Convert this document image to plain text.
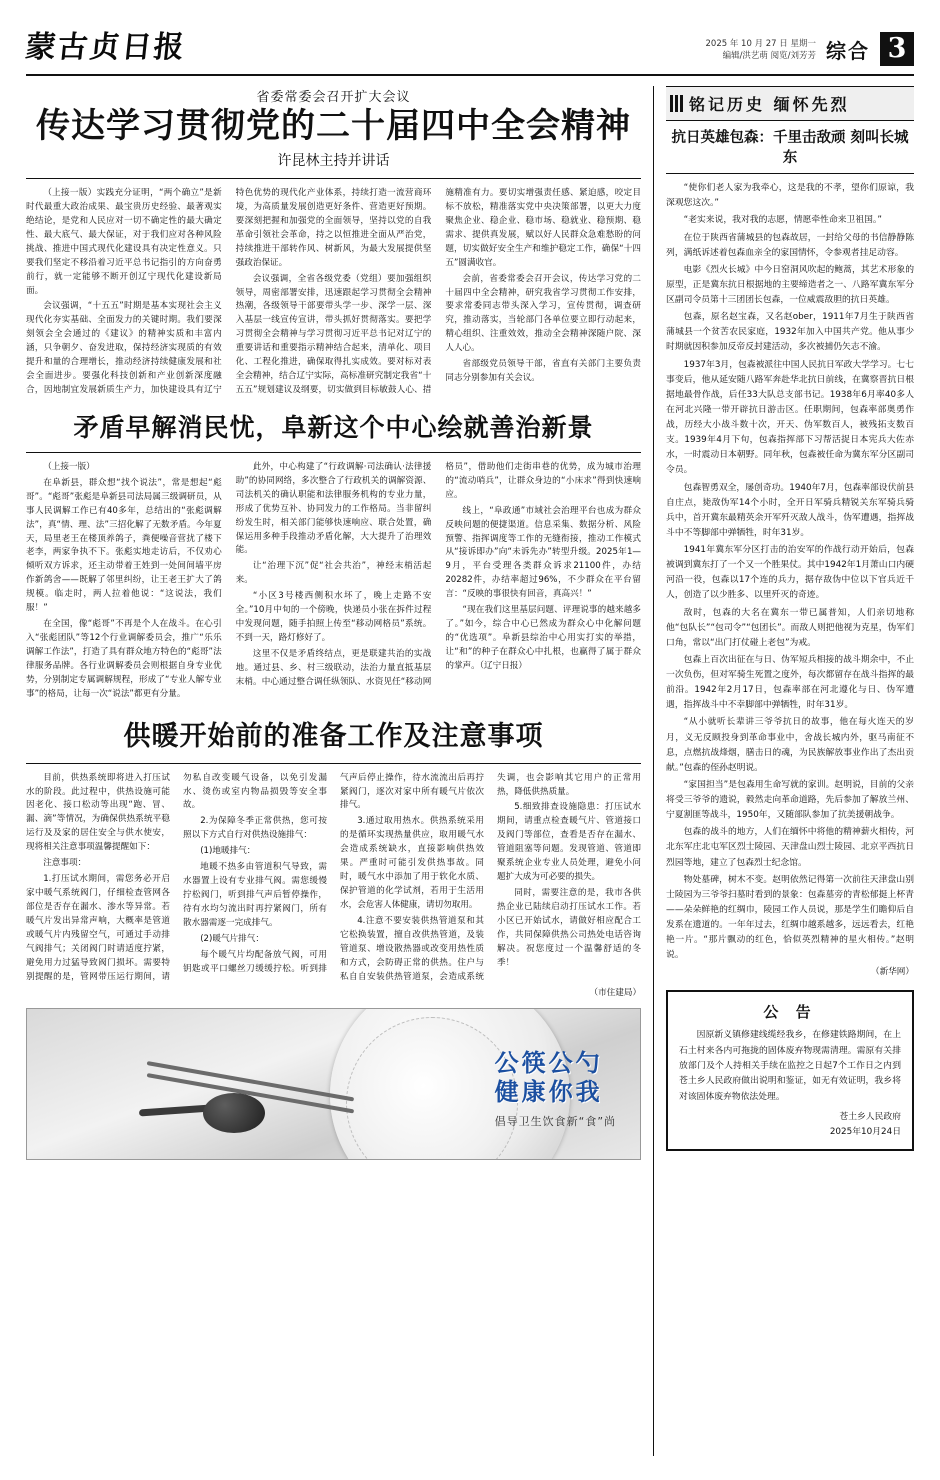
蒙古贞日报	2025 年 10 月 27 日 星期一
编辑/洪艺萌 阅览/刘芳芳 综合 3
省委常委会召开扩大会议
传达学习贯彻党的二十届四中全会精神
许昆林主持并讲话

（上接一版）实践充分证明，“两个确立”是新时代最重大政治成果、最宝贵历史经验、最著观实绝结论，是党和人民应对一切不确定性的最大确定性、最大底气、最大保证，对于我们应对各种风险挑战、推进中国式现代化建设具有决定性意义。只要我们坚定不移沿着习近平总书记指引的方向奋勇前行，就一定能够不断开创辽宁现代化建设新局面。

会议强调，“十五五”时期是基本实现社会主义现代化夯实基础、全面发力的关键时期。我们要深刻领会全会通过的《建议》的精神实质和丰富内涵，只争朝夕、奋发进取，保持经济实现质的有效提升和量的合理增长，推动经济持续健康发展和社会全面进步。要强化科技创新和产业创新深度融合，因地制宜发展新质生产力，加快建设具有辽宁特色优势的现代化产业体系，持续打造一流营商环境，为高质量发展创造更好条件、营造更好预期。要深刻把握和加强党的全面领导，坚持以党的自我革命引领社会革命，持之以恒推进全面从严治党，持续推进干部转作风、树新风，为最大发展提供坚强政治保证。

会议强调，全省各级党委（党组）要加强组织领导，周密部署安排，迅速跟起学习贯彻全会精神热潮，各级领导干部要带头学一步、深学一层、深入基层一线宣传宣讲，带头抓好贯彻落实。要把学习贯彻全会精神与学习贯彻习近平总书记对辽宁的重要讲话和重要指示精神结合起来，清单化、项目化、工程化推进，确保取得扎实成效。要对标对表全会精神，结合辽宁实际，高标准研究制定我省“十五五”规划建议及纲要，切实做到目标敏鼓人心、措施精准有力。要切实增强责任感、紧迫感，咬定目标不放松，精准落实党中央决策部署，以更大力度聚焦企业、稳企业、稳市场、稳就业、稳预期、稳需求、提供真发展，赋以好人民群众急难愁盼的问题，切实做好安全生产和维护稳定工作，确保“十四五”圆满收官。

会前，省委常委会召开会议，传达学习党的二十届四中全会精神，研究我省学习贯彻工作安排，要求常委同志带头深入学习，宣传贯彻，调查研究，推动落实，当轮部门各单位要立即行动起来，精心组织、注重效效，推动全会精神深随户院、深人人心。

省部级党员领导干部，省直有关部门主要负责同志分别参加有关会议。

矛盾早解消民忧，阜新这个中心绘就善治新景

（上接一版）

在阜新县，群众想“找个说法”，常是想起“彪哥”。“彪哥”张彪是阜新县司法局属三级调研员，从事人民调解工作已有40多年，总结出的“张彪调解法”，真“情、理、法”三招化解了无数矛盾。今年夏天，局里老王在楼顶养鸽子，粪便噪音营扰了楼下老李，两家争执不下。张彪实地走访后，不仅劝心倾听双方诉求，还主动带着王姓到一处间间墙平房作新鸽舍——既解了邻里纠纷，让王老王扩大了鸽规模。临走时，两人拉着他说：“这说法，我们服！”

在全国，像“彪哥”不再是个人在战斗。在心引入“张彪团队”等12个行业调解委员会，推广“乐乐调解工作法”，打造了具有群众地方特色的“彪哥”法律服务品牌。各行业调解委员会则根据自身专业优势，分别制定专属调解规程，形成了“专业人解专业事”的格局，让每一次“说法”都更有分量。

此外，中心构建了“行政调解·司法确认·法律援助”的协同网络，多次整合了行政机关的调解资源、司法机关的确认职能和法律服务机构的专业力量，形成了优势互补、协同发力的工作格局。当非留纠纷发生时，相关部门能够快速响应、联合处置，确保运用多种手段推动矛盾化解，大大提升了治理效能。

让“治理下沉”促“社会共治”，神经末梢活起来。

“小区3号楼西侧积水坏了，晚上走路不安全。”10月中旬的一个傍晚，快递员小张在拆件过程中发现问题，随手拍照上传至“移动网格员”系统。不到一天，路灯修好了。

这里不仅是矛盾终结点，更是联建共治的实战地。通过县、乡、村三级联动，法治力量直抵基层末梢。中心通过整合调任纵领队、水资见任“移动网格员”，借助他们走街串巷的优势，成为城市治理的“流动哨兵”，让群众身边的“小床求”得到快速响应。

线上，“阜政通”市域社会治理平台也成为群众反映问题的便捷渠道。信息采集、数据分析、风险预警、指挥调度等工作的无缝衔接，推动工作模式从“接诉即办”向“未诉先办”转型升级。2025年1—9月，平台受理各类群众诉求21100件，办结20282件，办结率超过96%，不少群众在平台留言：“反映的事很快有回音，真高兴！”

“现在我们这里基层问题、评理说事的越来越多了。”如今，综合中心已然成为群众心中化解问题的“优选项”。阜新县综治中心用实打实的举措，让“和”的种子在群众心中扎根，也赢得了属于群众的掌声。（辽宁日报）

供暖开始前的准备工作及注意事项

目前，供热系统即将进入打压试水的阶段。此过程中，供热设施可能因老化、接口松动等出现“跑、冒、漏、滴”等情况，为确保供热系统平稳运行及及家的居住安全与供水使安，现将相关注意事项温馨提醒如下：

注意事项：

1.打压试水期间，需您务必开启家中暖气系统阀门，仔细检查管网各部位是否存在漏水、渗水等异常。若暖气片发出异常声响，大概率是管道或暖气片内残留空气，可通过手动排气阀排气；关闭阀门时请适度拧紧，避免用力过猛导致阀门损坏。需要特别提醒的是，管网带压运行期间，请勿私自改变暖气设备，以免引发漏水、烫伤或室内物品损毁等安全事故。

2.为保障冬季正常供热，您可按照以下方式自行对供热设施排气：

(1)地暖排气：

地暖不热多由管道积气导致，需水器置上设有专业排气阀。需您缓慢拧松阀门，听到排气声后暂停操作，待有水均匀流出时再拧紧阀门，所有散水器需逐一完成排气。

(2)暖气片排气：

每个暖气片均配备放气阀，可用钥匙或平口螺丝刀缓缓拧松。听到排气声后停止操作，待水流流出后再拧紧阀门，逐次对家中所有暖气片依次排气。

3.通过取用热水。供热系统采用的是循环实现热量供应，取用暖气水会造成系统缺水，直接影响供热效果。严重时可能引发供热事故。同时，暖气水中添加了用于软化水质、保护管道的化学试剂，若用于生活用水，会危害人体健康，请切勿取用。

4.注意不要安装供热管道泵和其它松换装置，擅自改供热管道，及装管道泵、增设散热器或改变用热性质和方式，会防碍正常的供热。住户与私自自安装供热管道泵，会造成系统失调，也会影响其它用户的正常用热，降低供热质量。

5.细致排查设施隐患：打压试水期间，请重点检查暖气片、管道接口及阀门等部位，查看是否存在漏水、管道阻塞等问题。发现管道、管道即聚系统企业专业人员处理，避免小问题扩大成为可必要的损失。

同时，需要注意的是，我市各供热企业已陆续启动打压试水工作。若小区已开始试水，请做好相应配合工作，共同保障供热公司热处电话咨询解决。祝您度过一个温馨舒适的冬季！

（市住建局）
公筷公勺
健康你我
倡导卫生饮食新“食”尚
铭记历史 缅怀先烈
抗日英雄包森：千里击敌顽 刻叫长城东

“使你们老人家为我牵心，这是我的不孝，望你们原谅，我深观您这次。”

“老实来说，我对我的志愿，情愿牵性命来卫祖国。”

在位于陕西省蒲城县的包森故居，一封给父母的书信静静陈列，满纸诉述着包森血亲全的家国情怀，令参观者挂足动容。

电影《烈火长城》中今日窑洞风吹起的鲍蒿，其艺术形象的原型，正是冀东抗日根据地的主要缔造者之一、八路军冀东军分区副司令员第十三团团长包森，一位威震敌胆的抗日英雄。

包森，原名赵宝森，又名赵ober，1911年7月生于陕西省蒲城县一个贫苦农民家庭，1932年加入中国共产党。他从事少时期就因积参加反帝反封建活动，多次被捕仍矢志不渝。

1937年3月，包森被派往中国人民抗日军政大学学习。七七事变后，他从延安随八路军奔赴华北抗日前线，在冀察晋抗日根据地最骨作战，后任33大队总支部书记。1938年6月率40多人在河北兴隆一带开辟抗日游击区。任职期间，包森率部奥勇作战，历经大小战斗数十次，开天、伪军数百人，被残拓支数百支。1939年4月下旬，包森指挥部下习帮活捉日本宪兵大佐赤水，一时震动日本朝野。同年秋，包森被任命为冀东军分区副司令员。

包森智勇双全，屡创奇功。1940年7月，包森率部设伏前县自庄点，毙敌伪军14个小时，全开日军骑兵精锐关东军骑兵骑兵中，首开冀东最精英余开军歼灭敌人战斗，伪军遭遇，指挥战斗中不等脚部中弹牺牲，时年31岁。

1941年冀东军分区打击的治安军的作战行动开始后，包森被调到冀东打了一个又一个胜果仗。其中1942年1月萧山口内硬河沿一役，包森以17个连的兵力，据存敌伪中位以下官兵近千人，创造了以少胜多、以里歼灭的奇迹。

敌时，包森的大名在冀东一带已属普知，人们亲切地称他“包队长”“包司令”“包团长”。而敌人则把他视为克星，伪军们口角，常以“出门打仗碰上老包”为戒。

包森上百次出征在与日、伪军短兵相接的战斗期余中，不止一次负伤，但对军骑生死置之度外，每次都留存在战斗指挥的最前沿。1942年2月17日，包森率部在河北遵化与日、伪军遭遇，指挥战斗中不幸脚部中弹牺牲，时年31岁。

“从小就听长辈讲三爷爷抗日的故事，他在每火连天的岁月，义无反顾投身到革命事业中，舍战长城内外，驱马南征不息，点燃抗战烽烟，膳击日的魂，为民族解放事业作出了杰出贡献。”包森的侄孙赵明说。

“家国担当”是包森用生命写就的家训。赵明说，目前的父亲将受三爷爷的遗说，毅然走向革命道路，先后参加了解放兰州、宁夏割匪等战斗，1950年，又随部队参加了抗美援朝战争。

包森的战斗的地方，人们在缅怀中将他的精神薪火相传，河北东军庄北屯军区烈士陵园、天津盘山烈士陵园、北京平西抗日烈园等地，建立了包森烈士纪念馆。

物处墓碑，树木不变。赵明依然记得第一次前往天津盘山别士陵园为三爷爷扫墓时看到的景象：包森墓旁的青松郁挺上杯青——朵朵鲜艳的红绸巾，陵园工作人员说，那是学生们瞻仰后自发系在遗道的。一年年过去，红绸巾越系越多，远远看去，红艳艳一片。“那片飘动的红色，恰似英烈精神的星火相传。”赵明说。

（新华网）
公 告

因原新义镇修建线缆经我乡，在修建铁路期间，在上石土村来各内可拖拢的固体废弃物现需清理。需原有关排放部门及个人持相关手续在监控之日起7个工作日之内到苍土乡人民政府做出说明和鉴证，如无有效证明，我乡将对该固体废弃物依法处理。

苍土乡人民政府
2025年10月24日
